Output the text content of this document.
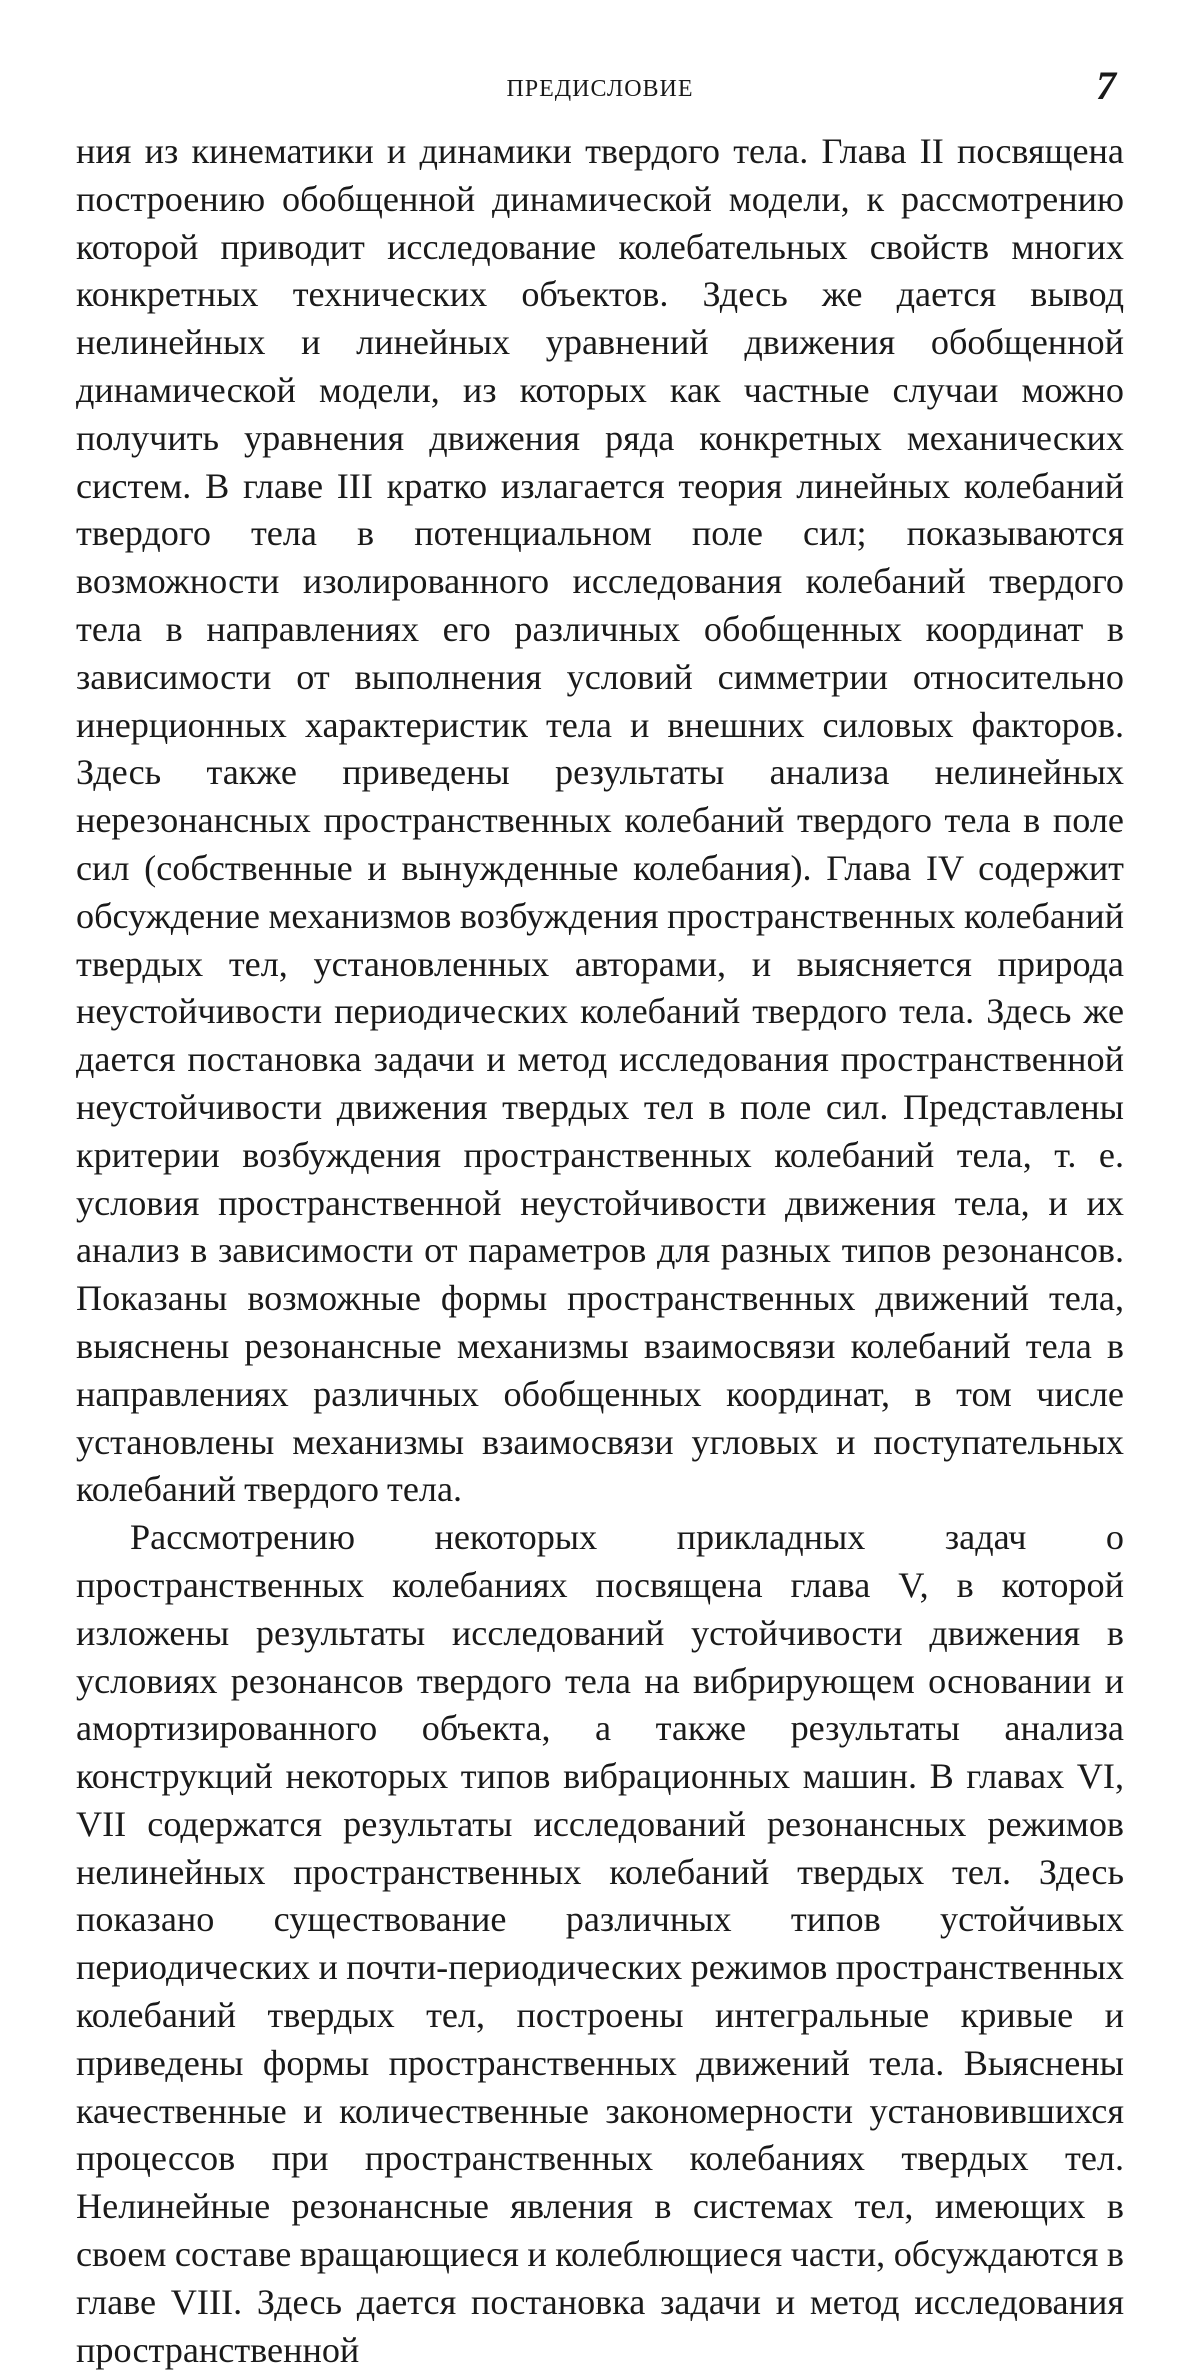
ПРЕДИСЛОВИЕ	7

ния из кинематики и динамики твердого тела. Глава II посвящена построению обобщенной динамической модели, к рассмотрению которой приводит исследование колебательных свойств многих конкретных технических объектов. Здесь же дается вывод нелинейных и линейных уравнений движения обобщенной динамической модели, из которых как частные случаи можно получить уравнения движения ряда конкретных механических систем. В главе III кратко излагается теория линейных колебаний твердого тела в потенциальном поле сил; показываются возможности изолированного исследования колебаний твердого тела в направлениях его различных обобщенных координат в зависимости от выполнения условий симметрии относительно инерционных характеристик тела и внешних силовых факторов. Здесь также приведены результаты анализа нелинейных нерезонансных пространственных колебаний твердого тела в поле сил (собственные и вынужденные колебания). Глава IV содержит обсуждение механизмов возбуждения пространственных колебаний твердых тел, установленных авторами, и выясняется природа неустойчивости периодических колебаний твердого тела. Здесь же дается постановка задачи и метод исследования пространственной неустойчивости движения твердых тел в поле сил. Представлены критерии возбуждения пространственных колебаний тела, т. е. условия пространственной неустойчивости движения тела, и их анализ в зависимости от параметров для разных типов резонансов. Показаны возможные формы пространственных движений тела, выяснены резонансные механизмы взаимосвязи колебаний тела в направлениях различных обобщенных координат, в том числе установлены механизмы взаимосвязи угловых и поступательных колебаний твердого тела.

Рассмотрению некоторых прикладных задач о пространственных колебаниях посвящена глава V, в которой изложены результаты исследований устойчивости движения в условиях резонансов твердого тела на вибрирующем основании и амортизированного объекта, а также результаты анализа конструкций некоторых типов вибрационных машин. В главах VI, VII содержатся результаты исследований резонансных режимов нелинейных пространственных колебаний твердых тел. Здесь показано существование различных типов устойчивых периодических и почти-периодических режимов пространственных колебаний твердых тел, построены интегральные кривые и приведены формы пространственных движений тела. Выяснены качественные и количественные закономерности установившихся процессов при пространственных колебаниях твердых тел. Нелинейные резонансные явления в системах тел, имеющих в своем составе вращающиеся и колеблющиеся части, обсуждаются в главе VIII. Здесь дается постановка задачи и метод исследования пространственной
